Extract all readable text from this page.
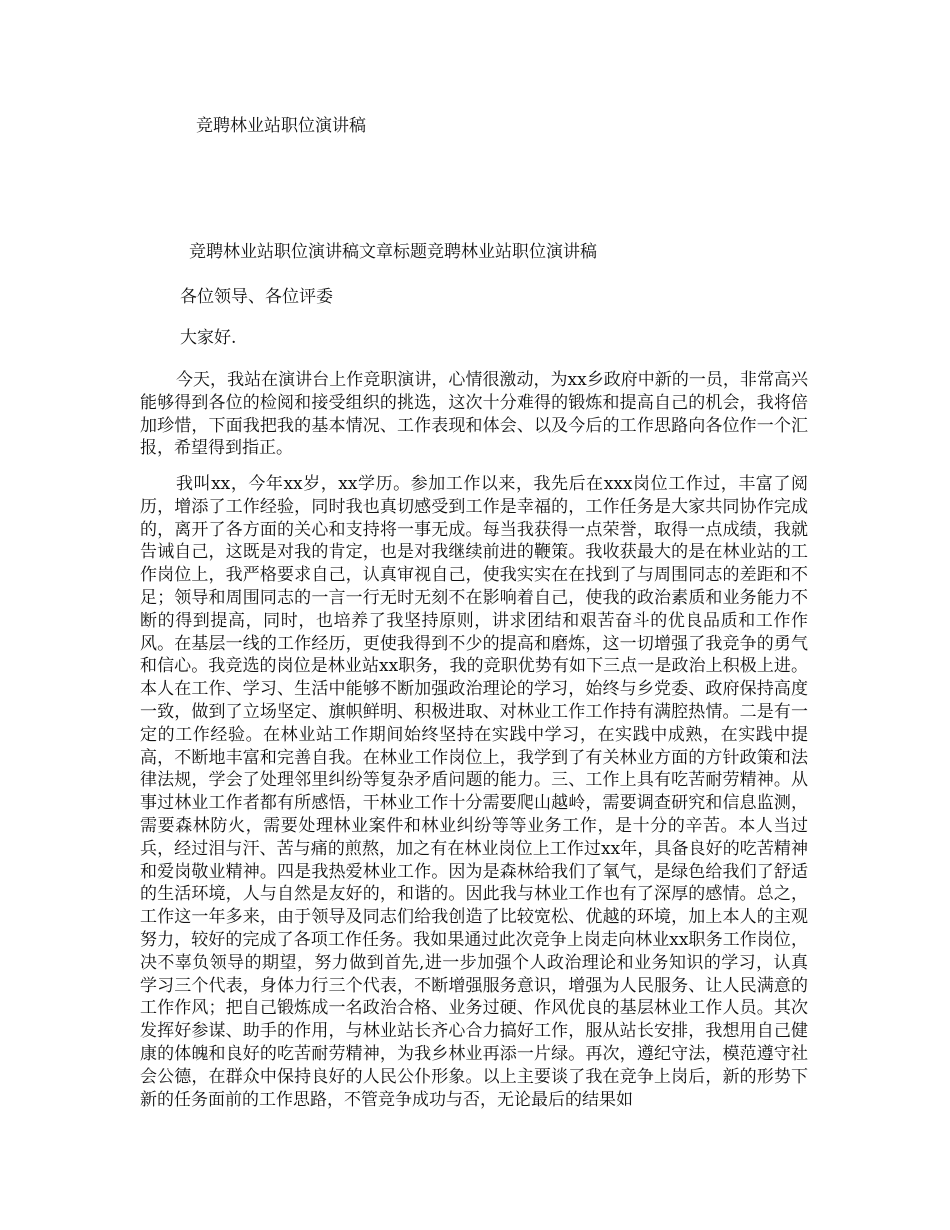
竞聘林业站职位演讲稿
竞聘林业站职位演讲稿文章标题竞聘林业站职位演讲稿
各位领导、各位评委
大家好.

今天，我站在演讲台上作竞职演讲，心情很激动，为xx乡政府中新的一员，非常高兴能够得到各位的检阅和接受组织的挑选，这次十分难得的锻炼和提高自己的机会，我将倍加珍惜，下面我把我的基本情况、工作表现和体会、以及今后的工作思路向各位作一个汇报，希望得到指正。

我叫xx，今年xx岁，xx学历。参加工作以来，我先后在xxx岗位工作过，丰富了阅历，增添了工作经验，同时我也真切感受到工作是幸福的，工作任务是大家共同协作完成的，离开了各方面的关心和支持将一事无成。每当我获得一点荣誉，取得一点成绩，我就告诫自己，这既是对我的肯定，也是对我继续前进的鞭策。我收获最大的是在林业站的工作岗位上，我严格要求自己，认真审视自己，使我实实在在找到了与周围同志的差距和不足；领导和周围同志的一言一行无时无刻不在影响着自己，使我的政治素质和业务能力不断的得到提高，同时，也培养了我坚持原则，讲求团结和艰苦奋斗的优良品质和工作作风。在基层一线的工作经历，更使我得到不少的提高和磨炼，这一切增强了我竞争的勇气和信心。我竞选的岗位是林业站xx职务，我的竞职优势有如下三点一是政治上积极上进。本人在工作、学习、生活中能够不断加强政治理论的学习，始终与乡党委、政府保持高度一致，做到了立场坚定、旗帜鲜明、积极进取、对林业工作工作持有满腔热情。二是有一定的工作经验。在林业站工作期间始终坚持在实践中学习，在实践中成熟，在实践中提高，不断地丰富和完善自我。在林业工作岗位上，我学到了有关林业方面的方针政策和法律法规，学会了处理邻里纠纷等复杂矛盾问题的能力。三、工作上具有吃苦耐劳精神。从事过林业工作者都有所感悟，干林业工作十分需要爬山越岭，需要调查研究和信息监测，需要森林防火，需要处理林业案件和林业纠纷等等业务工作，是十分的辛苦。本人当过兵，经过泪与汗、苦与痛的煎熬，加之有在林业岗位上工作过xx年，具备良好的吃苦精神和爱岗敬业精神。四是我热爱林业工作。因为是森林给我们了氧气，是绿色给我们了舒适的生活环境，人与自然是友好的，和谐的。因此我与林业工作也有了深厚的感情。总之，工作这一年多来，由于领导及同志们给我创造了比较宽松、优越的环境，加上本人的主观努力，较好的完成了各项工作任务。我如果通过此次竞争上岗走向林业xx职务工作岗位，决不辜负领导的期望，努力做到首先,进一步加强个人政治理论和业务知识的学习，认真学习三个代表，身体力行三个代表，不断增强服务意识，增强为人民服务、让人民满意的工作作风；把自己锻炼成一名政治合格、业务过硬、作风优良的基层林业工作人员。其次发挥好参谋、助手的作用，与林业站长齐心合力搞好工作，服从站长安排，我想用自己健康的体魄和良好的吃苦耐劳精神，为我乡林业再添一片绿。再次，遵纪守法，模范遵守社会公德，在群众中保持良好的人民公仆形象。以上主要谈了我在竞争上岗后，新的形势下新的任务面前的工作思路，不管竞争成功与否，无论最后的结果如
